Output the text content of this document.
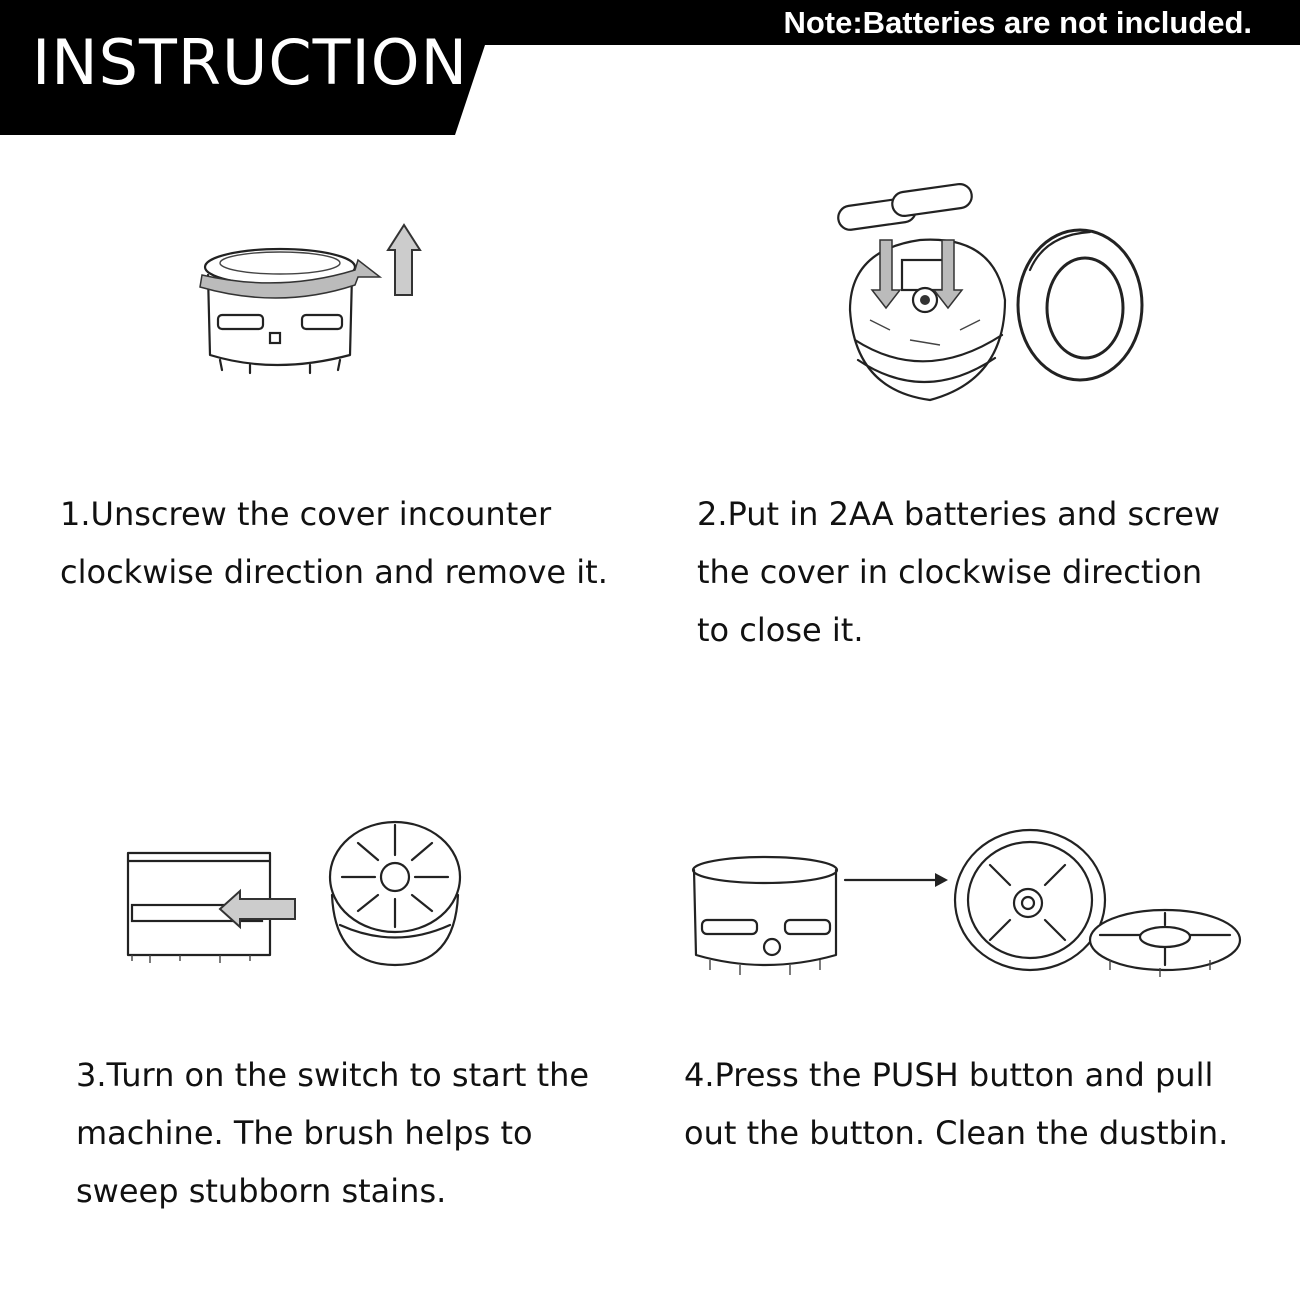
INSTRUCTION
Note:Batteries are not included.
1.Unscrew the cover incounter
clockwise direction and remove it.
2.Put in 2AA batteries and screw
the cover in clockwise direction
to close it.
3.Turn on the switch to start the
machine. The brush helps to
sweep stubborn stains.
4.Press the PUSH button and pull
out the button. Clean the dustbin.
